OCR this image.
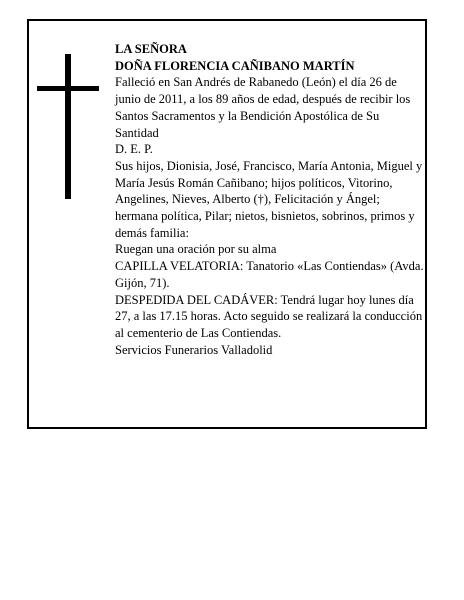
LA SEÑORA

DOÑA FLORENCIA CAÑIBANO MARTÍN

Falleció en San Andrés de Rabanedo (León) el día 26 de junio de 2011, a los 89 años de edad, después de recibir los Santos Sacramentos y la Bendición Apostólica de Su Santidad

D. E. P.

Sus hijos, Dionisia, José, Francisco, María Antonia, Miguel y María Jesús Román Cañibano; hijos políticos, Vitorino, Angelines, Nieves, Alberto (†), Felicitación y Ángel; hermana política, Pilar; nietos, bisnietos, sobrinos, primos y demás familia:

Ruegan una oración por su alma

CAPILLA VELATORIA: Tanatorio «Las Contiendas» (Avda. Gijón, 71).

DESPEDIDA DEL CADÁVER: Tendrá lugar hoy lunes día 27, a las 17.15 horas. Acto seguido se realizará la conducción al cementerio de Las Contiendas.

Servicios Funerarios Valladolid
